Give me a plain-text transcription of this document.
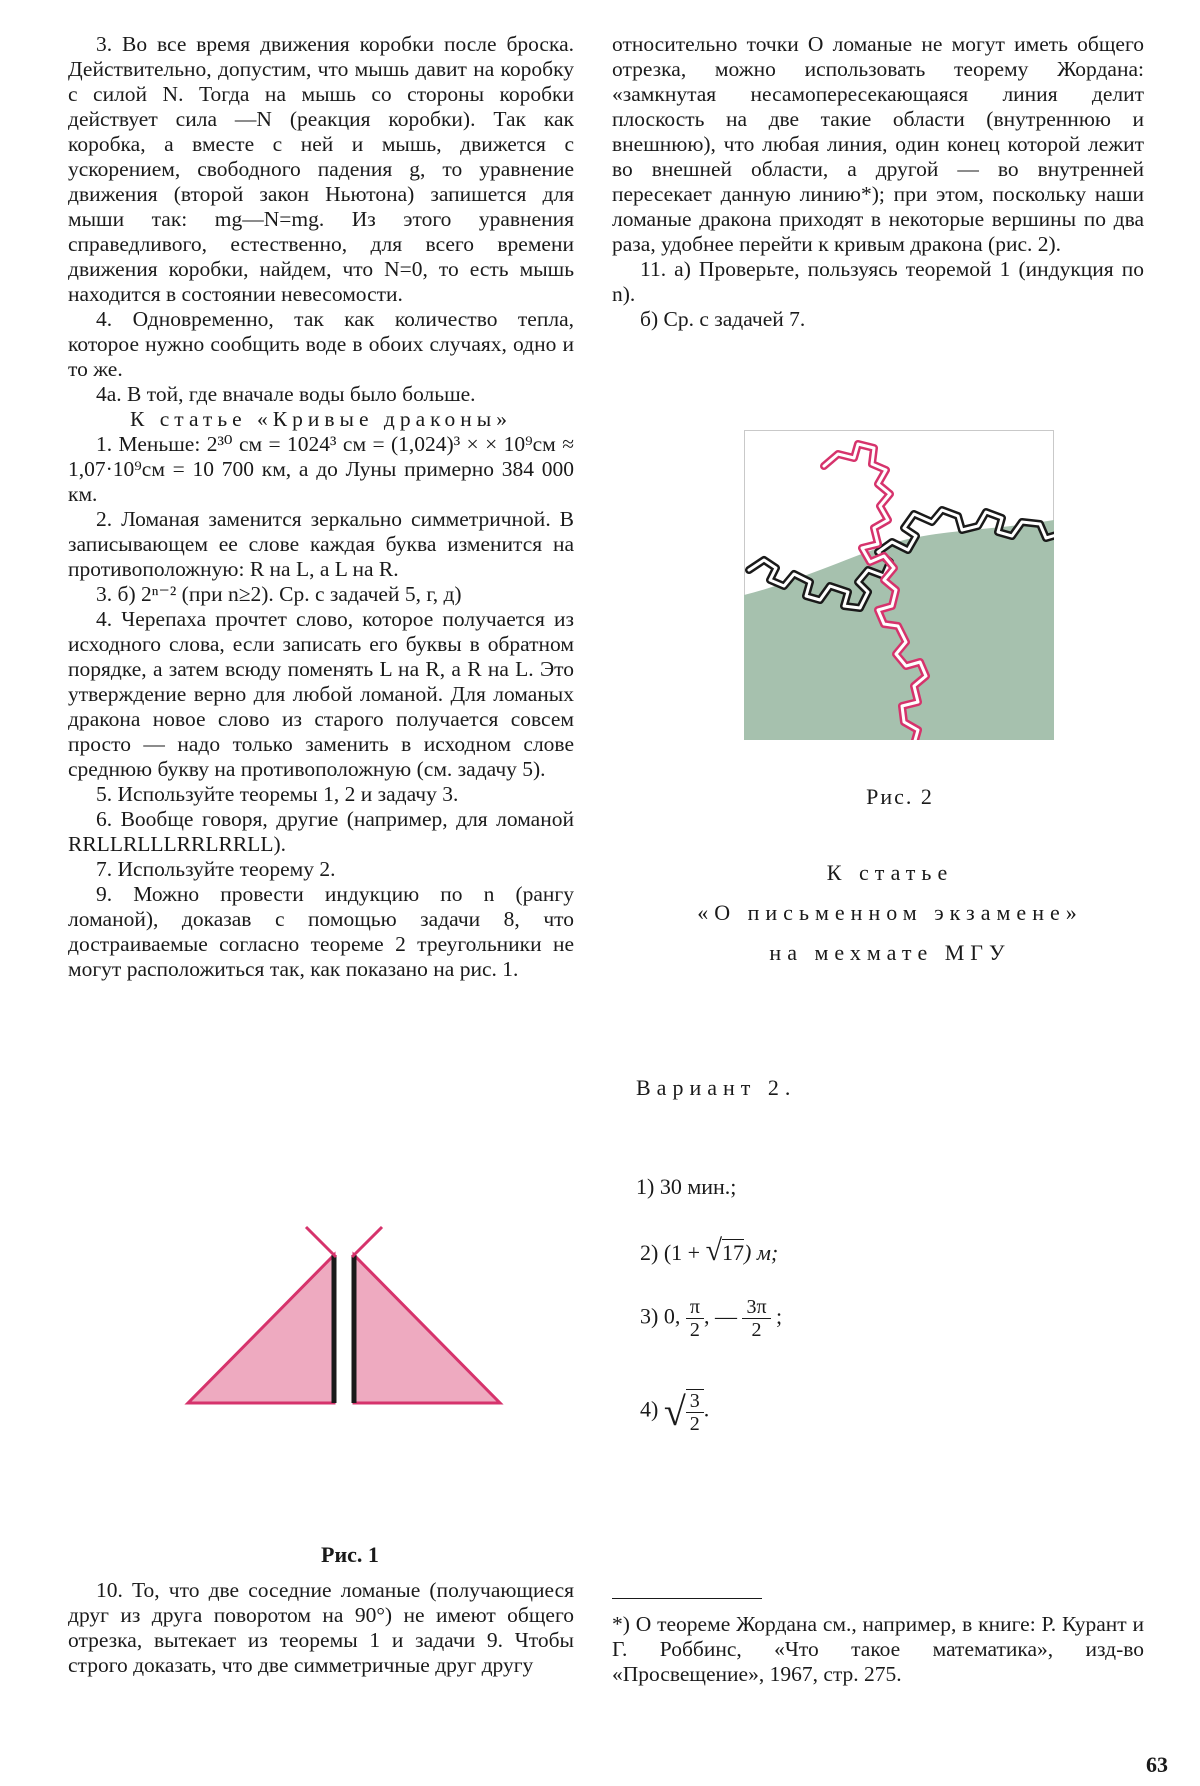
3. Во все время движения коробки после броска. Действительно, допустим, что мышь давит на коробку с силой N. Тогда на мышь со стороны коробки действует сила —N (реакция коробки). Так как коробка, а вместе с ней и мышь, движется с ускорением, свободного падения g, то уравнение движения (второй закон Ньютона) запишется для мыши так: mg—N=mg. Из этого уравнения справедливого, естественно, для всего времени движения коробки, найдем, что N=0, то есть мышь находится в состоянии невесомости.

4. Одновременно, так как количество тепла, которое нужно сообщить воде в обоих случаях, одно и то же.

4а. В той, где вначале воды было больше.

К статье «Кривые драконы»

1. Меньше: 2³⁰ см = 1024³ см = (1,024)³ × × 10⁹см ≈ 1,07·10⁹см = 10 700 км, а до Луны примерно 384 000 км.

2. Ломаная заменится зеркально симметричной. В записывающем ее слове каждая буква изменится на противоположную: R на L, а L на R.

3. б) 2ⁿ⁻² (при n≥2). Ср. с задачей 5, г, д)

4. Черепаха прочтет слово, которое получается из исходного слова, если записать его буквы в обратном порядке, а затем всюду поменять L на R, а R на L. Это утверждение верно для любой ломаной. Для ломаных дракона новое слово из старого получается совсем просто — надо только заменить в исходном слове среднюю букву на противоположную (см. задачу 5).

5. Используйте теоремы 1, 2 и задачу 3.

6. Вообще говоря, другие (например, для ломаной RRLLRLLLRRLRRLL).

7. Используйте теорему 2.

9. Можно провести индукцию по n (рангу ломаной), доказав с помощью задачи 8, что достраиваемые согласно теореме 2 треугольники не могут расположиться так, как показано на рис. 1.

Рис. 1
10. То, что две соседние ломаные (получающиеся друг из друга поворотом на 90°) не имеют общего отрезка, вытекает из теоремы 1 и задачи 9. Чтобы строго доказать, что две симметричные друг другу

относительно точки O ломаные не могут иметь общего отрезка, можно использовать теорему Жордана: «замкнутая несамопересекающаяся линия делит плоскость на две такие области (внутреннюю и внешнюю), что любая линия, один конец которой лежит во внешней области, а другой — во внутренней пересекает данную линию*); при этом, поскольку наши ломаные дракона приходят в некоторые вершины по два раза, удобнее перейти к кривым дракона (рис. 2).

11. а) Проверьте, пользуясь теоремой 1 (индукция по n).

б) Ср. с задачей 7.

Рис. 2
К статье
«О письменном экзамене»
на мехмате МГУ
Вариант 2.
1) 30 мин.;
2) (1 + √17) м;
3) 0, $\frac{\pi}{2}$ , — $\frac{3\pi}{2}$ ;
4) √ $\frac{3}{2}$ .
*) О теореме Жордана см., например, в книге: Р. Курант и Г. Роббинс, «Что такое математика», изд-во «Просвещение», 1967, стр. 275.
63
